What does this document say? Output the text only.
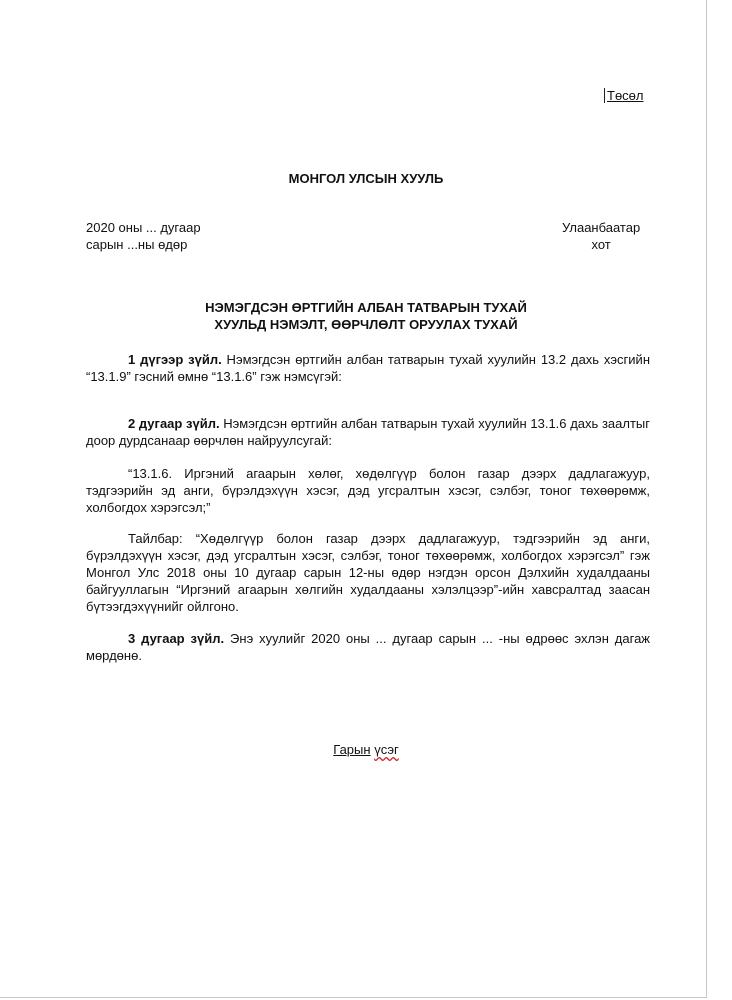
Төсөл
МОНГОЛ УЛСЫН ХУУЛЬ
2020 оны ... дугаар
сарын ...ны өдөр
Улаанбаатар
хот
НЭМЭГДСЭН ӨРТГИЙН АЛБАН ТАТВАРЫН ТУХАЙ
ХУУЛЬД НЭМЭЛТ, ӨӨРЧЛӨЛТ ОРУУЛАХ ТУХАЙ

1 дүгээр зүйл. Нэмэгдсэн өртгийн албан татварын тухай хуулийн 13.2 дахь хэсгийн “13.1.9” гэсний өмнө “13.1.6” гэж нэмсүгэй:

2 дугаар зүйл. Нэмэгдсэн өртгийн албан татварын тухай хуулийн 13.1.6 дахь заалтыг доор дурдсанаар өөрчлөн найруулсугай:

“13.1.6. Иргэний агаарын хөлөг, хөдөлгүүр болон газар дээрх дадлагажуур, тэдгээрийн эд анги, бүрэлдэхүүн хэсэг, дэд угсралтын хэсэг, сэлбэг, тоног төхөөрөмж, холбогдох хэрэгсэл;”

Тайлбар: “Хөдөлгүүр болон газар дээрх дадлагажуур, тэдгээрийн эд анги, бүрэлдэхүүн хэсэг, дэд угсралтын хэсэг, сэлбэг, тоног төхөөрөмж, холбогдох хэрэгсэл” гэж Монгол Улс 2018 оны 10 дугаар сарын 12-ны өдөр нэгдэн орсон Дэлхийн худалдааны байгууллагын “Иргэний агаарын хөлгийн худалдааны хэлэлцээр”-ийн хавсралтад заасан бүтээгдэхүүнийг ойлгоно.

3 дугаар зүйл. Энэ хуулийг 2020 оны ... дугаар сарын ... -ны өдрөөс эхлэн дагаж мөрдөнө.

Гарын үсэг
